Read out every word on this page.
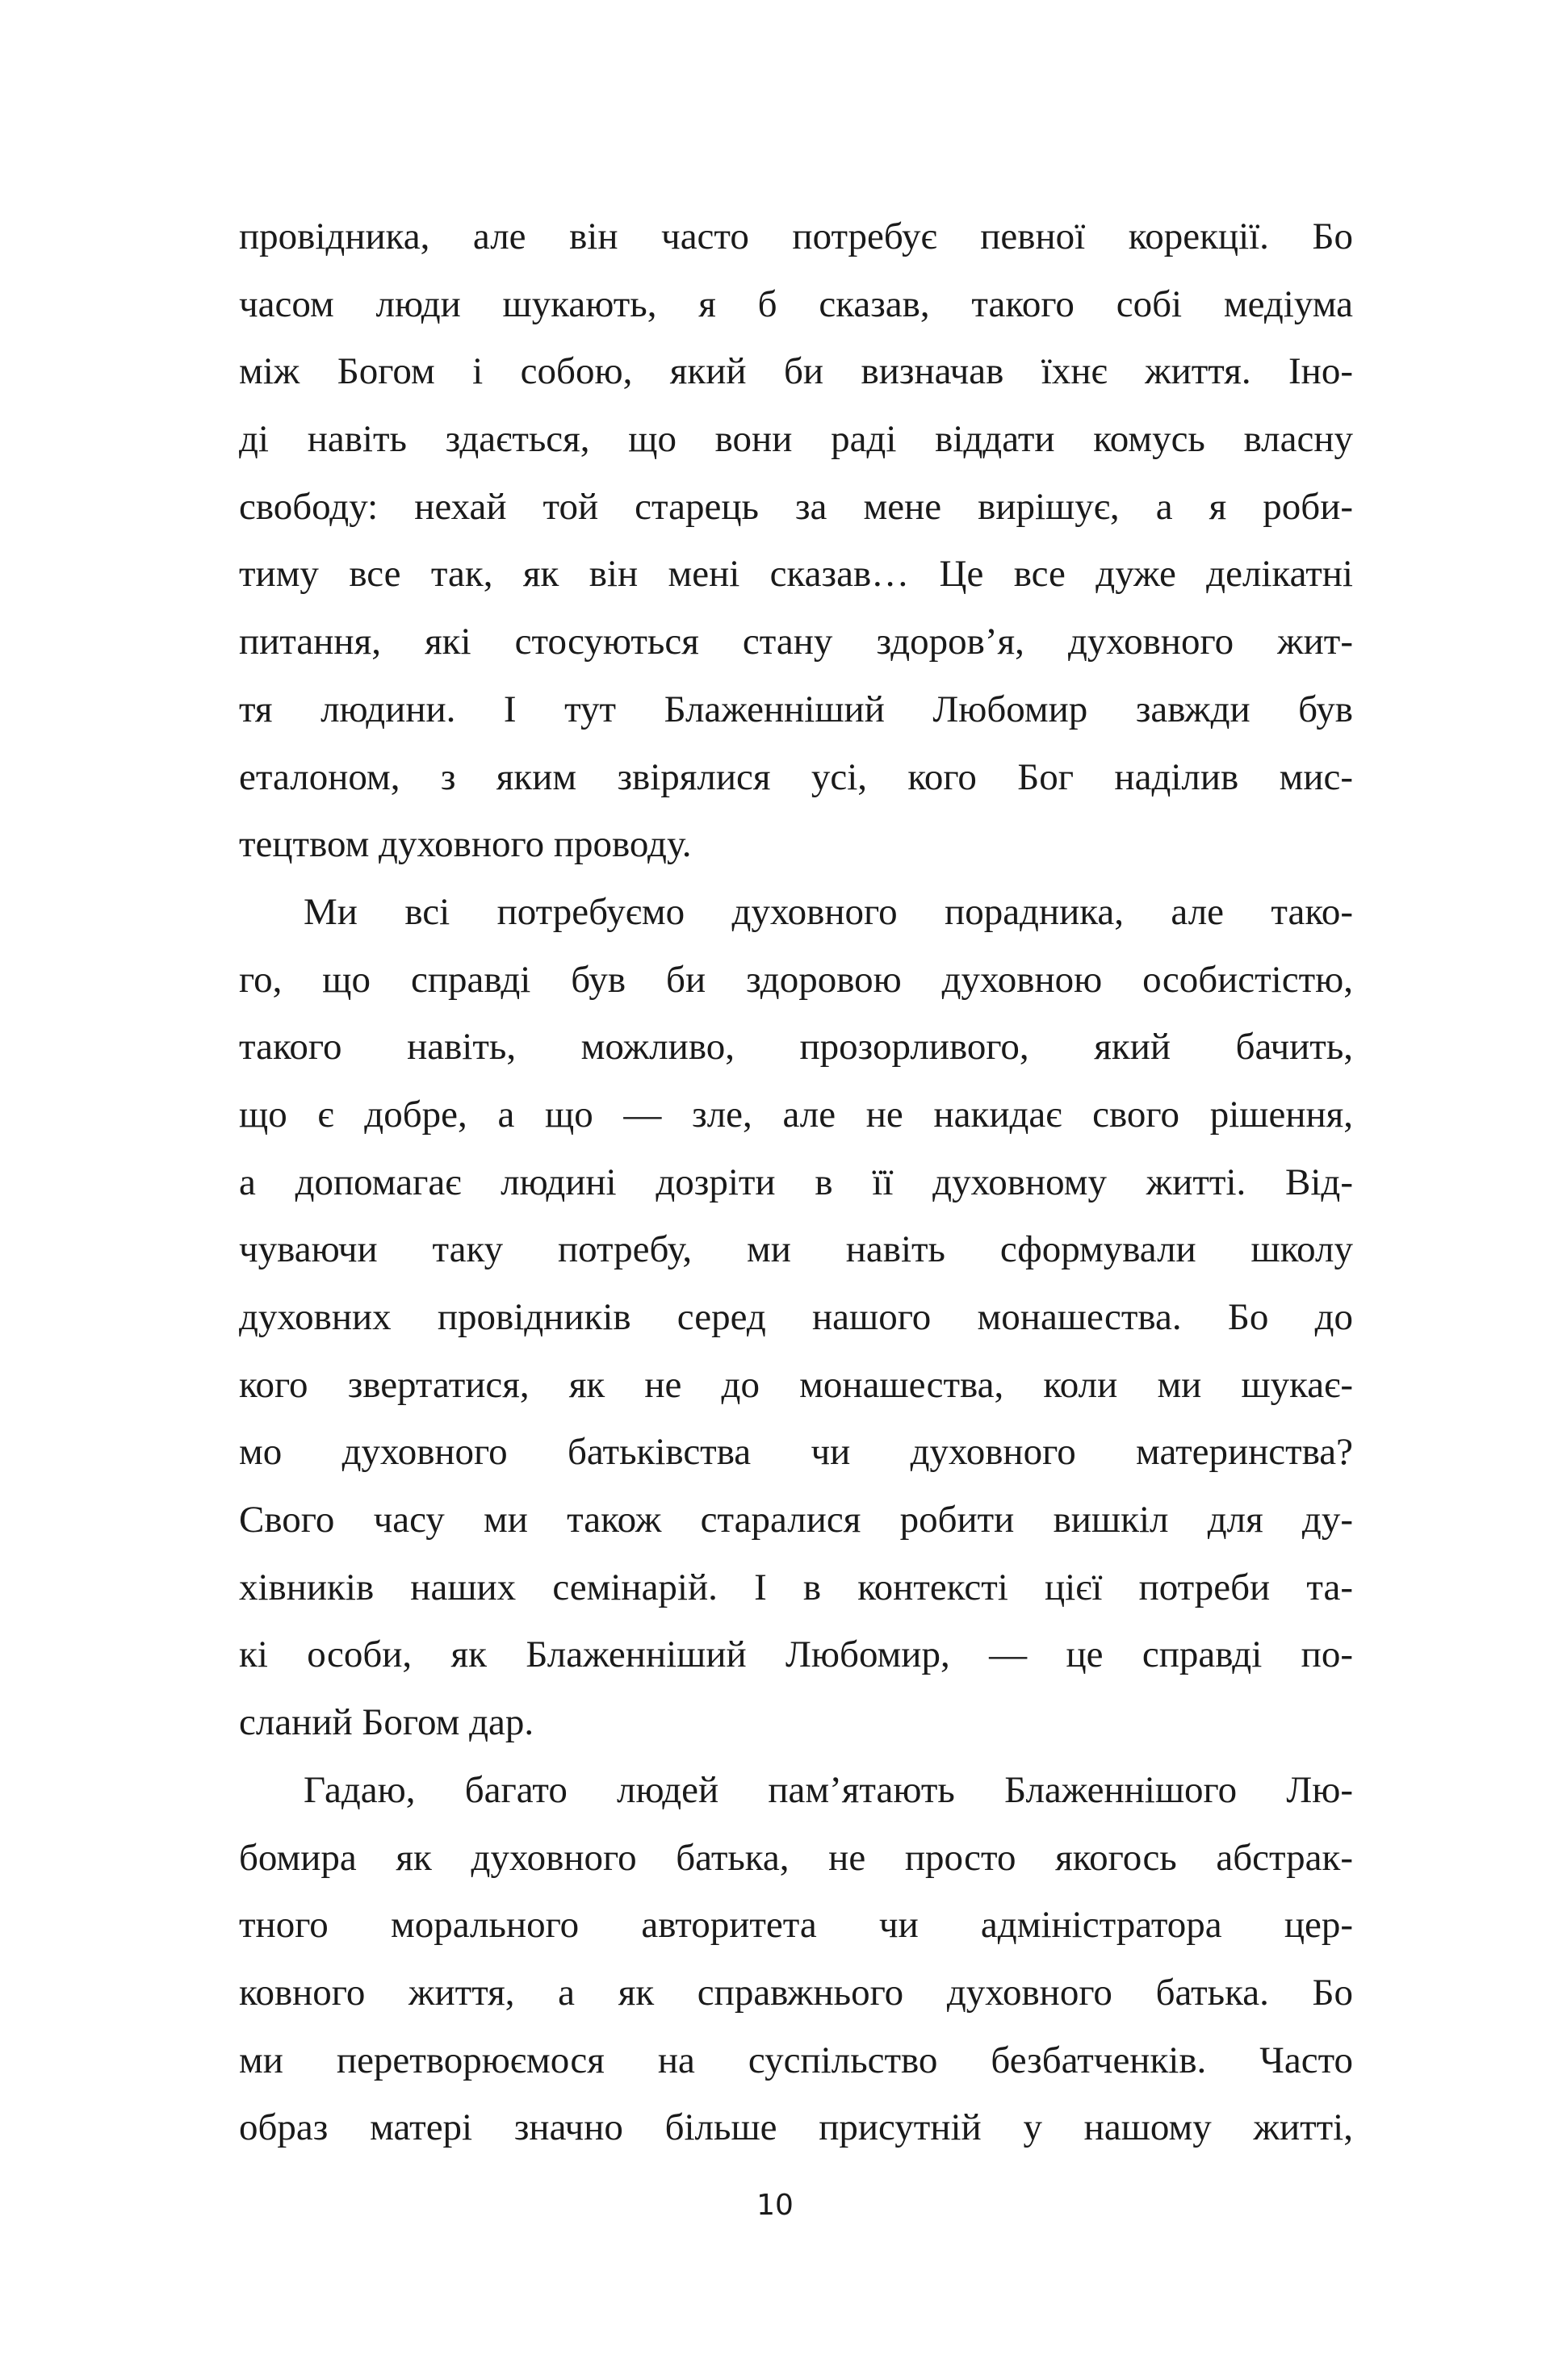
провідника, але він часто потребує певної корекції. Бо
часом люди шукають, я б сказав, такого собі медіума
між Богом і собою, який би визначав їхнє життя. Іно-
ді навіть здається, що вони раді віддати комусь власну
свободу: нехай той старець за мене вирішує, а я роби-
тиму все так, як він мені сказав… Це все дуже делікатні
питання, які стосуються стану здоров’я, духовного жит-
тя людини. І тут Блаженніший Любомир завжди був
еталоном, з яким звірялися усі, кого Бог наділив мис-
тецтвом духовного проводу.
Ми всі потребуємо духовного порадника, але тако-
го, що справді був би здоровою духовною особистістю,
такого навіть, можливо, прозорливого, який бачить,
що є добре, а що — зле, але не накидає свого рішення,
а допомагає людині дозріти в її духовному житті. Від-
чуваючи таку потребу, ми навіть сформували школу
духовних провідників серед нашого монашества. Бо до
кого звертатися, як не до монашества, коли ми шукає-
мо духовного батьківства чи духовного материнства?
Свого часу ми також старалися робити вишкіл для ду-
хівників наших семінарій. І в контексті цієї потреби та-
кі особи, як Блаженніший Любомир, — це справді по-
сланий Богом дар.
Гадаю, багато людей пам’ятають Блаженнішого Лю-
бомира як духовного батька, не просто якогось абстрак-
тного морального авторитета чи адміністратора цер-
ковного життя, а як справжнього духовного батька. Бо
ми перетворюємося на суспільство безбатченків. Часто
образ матері значно більше присутній у нашому житті,
10
